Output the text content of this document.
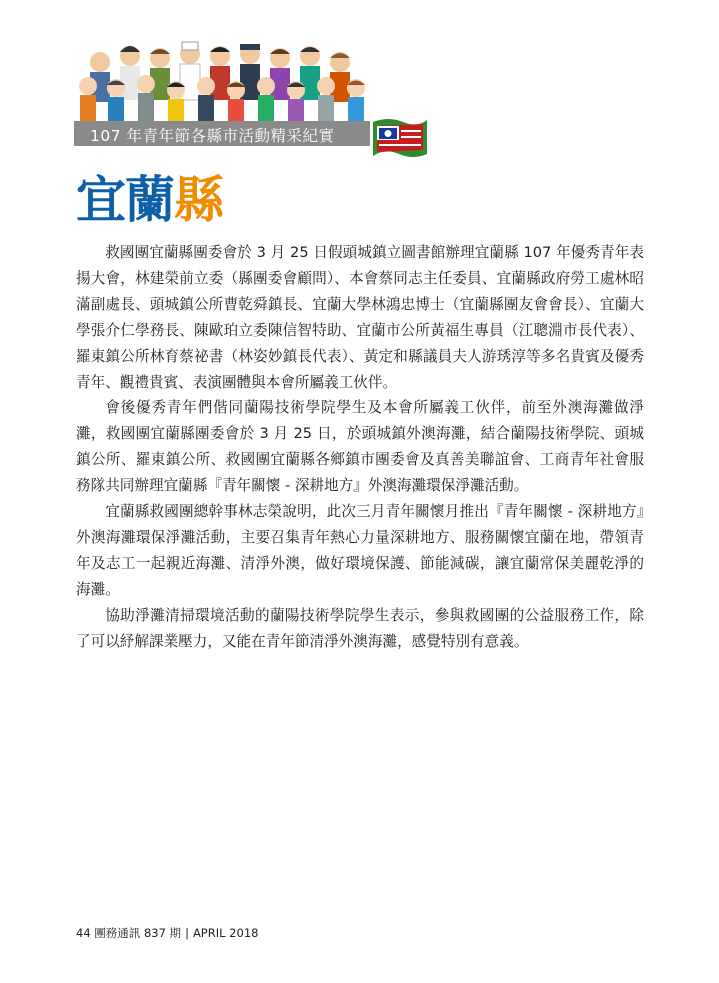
107 年青年節各縣市活動精采紀實
宜蘭縣

救國團宜蘭縣團委會於 3 月 25 日假頭城鎮立圖書館辦理宜蘭縣 107 年優秀青年表揚大會，林建榮前立委（縣團委會顧問）、本會蔡同志主任委員、宜蘭縣政府勞工處林昭滿副處長、頭城鎮公所曹乾舜鎮長、宜蘭大學林鴻忠博士（宜蘭縣團友會會長）、宜蘭大學張介仁學務長、陳歐珀立委陳信智特助、宜蘭市公所黃福生專員（江聰淵市長代表）、羅東鎮公所林育蔡祕書（林姿妙鎮長代表）、黃定和縣議員夫人游琇淳等多名貴賓及優秀青年、觀禮貴賓、表演團體與本會所屬義工伙伴。

會後優秀青年們偕同蘭陽技術學院學生及本會所屬義工伙伴，前至外澳海灘做淨灘，救國團宜蘭縣團委會於 3 月 25 日，於頭城鎮外澳海灘，結合蘭陽技術學院、頭城鎮公所、羅東鎮公所、救國團宜蘭縣各鄉鎮市團委會及真善美聯誼會、工商青年社會服務隊共同辦理宜蘭縣『青年關懷 - 深耕地方』外澳海灘環保淨灘活動。

宜蘭縣救國團總幹事林志榮說明，此次三月青年關懷月推出『青年關懷 - 深耕地方』外澳海灘環保淨灘活動，主要召集青年熱心力量深耕地方、服務關懷宜蘭在地，帶領青年及志工一起親近海灘、清淨外澳，做好環境保護、節能減碳，讓宜蘭常保美麗乾淨的海灘。

協助淨灘清掃環境活動的蘭陽技術學院學生表示，參與救國團的公益服務工作，除了可以紓解課業壓力，又能在青年節清淨外澳海灘，感覺特別有意義。

44 團務通訊 837 期 | APRIL 2018
